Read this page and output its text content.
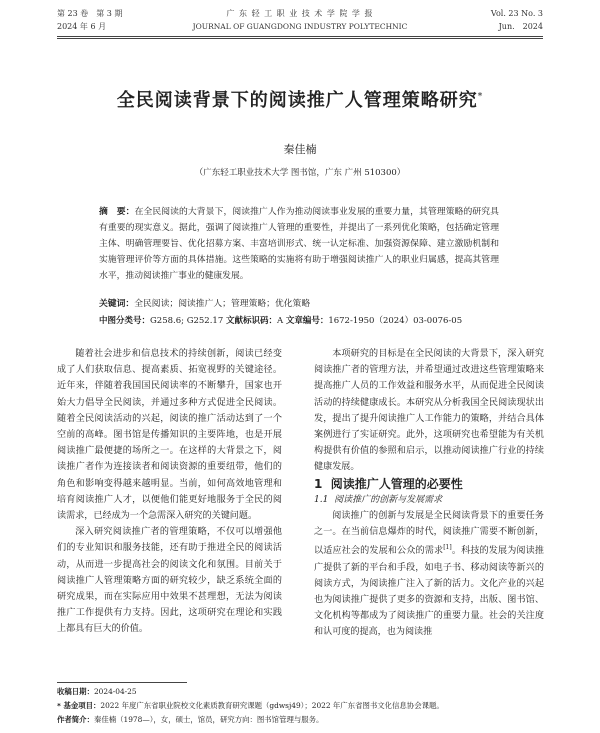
第 23 卷　第 3 期
2024 年 6 月
广 东 轻 工 职 业 技 术 学 院 学 报
JOURNAL OF GUANGDONG INDUSTRY POLYTECHNIC
Vol. 23 No. 3
Jun.　2024
全民阅读背景下的阅读推广人管理策略研究*
秦佳楠
（广东轻工职业技术大学 图书馆，广东 广州 510300）
摘　要：在全民阅读的大背景下，阅读推广人作为推动阅读事业发展的重要力量，其管理策略的研究具有重要的现实意义。据此，强调了阅读推广人管理的重要性，并提出了一系列优化策略，包括确定管理主体、明确管理要旨、优化招募方案、丰富培训形式、统一认定标准、加强资源保障、建立激励机制和实施管理评价等方面的具体措施。这些策略的实施将有助于增强阅读推广人的职业归属感，提高其管理水平，推动阅读推广事业的健康发展。
关键词：全民阅读；阅读推广人；管理策略；优化策略
中图分类号：G258.6; G252.17 文献标识码：A 文章编号：1672-1950（2024）03-0076-05

随着社会进步和信息技术的持续创新，阅读已经变成了人们获取信息、提高素质、拓宽视野的关键途径。近年来，伴随着我国国民阅读率的不断攀升，国家也开始大力倡导全民阅读，并通过多种方式促进全民阅读。随着全民阅读活动的兴起，阅读的推广活动达到了一个空前的高峰。图书馆是传播知识的主要阵地，也是开展阅读推广最便捷的场所之一。在这样的大背景之下，阅读推广者作为连接读者和阅读资源的重要纽带，他们的角色和影响变得越来越明显。当前，如何高效地管理和培育阅读推广人才，以便他们能更好地服务于全民的阅读需求，已经成为一个急需深入研究的关键问题。

深入研究阅读推广者的管理策略，不仅可以增强他们的专业知识和服务技能，还有助于推进全民的阅读活动，从而进一步提高社会的阅读文化和氛围。目前关于阅读推广人管理策略方面的研究较少，缺乏系统全面的研究成果，而在实际应用中效果不甚理想，无法为阅读推广工作提供有力支持。因此，这项研究在理论和实践上都具有巨大的价值。

本项研究的目标是在全民阅读的大背景下，深入研究阅读推广者的管理方法，并希望通过改进这些管理策略来提高推广人员的工作效益和服务水平，从而促进全民阅读活动的持续健康成长。本研究从分析我国全民阅读现状出发，提出了提升阅读推广人工作能力的策略，并结合具体案例进行了实证研究。此外，这项研究也希望能为有关机构提供有价值的参照和启示，以推动阅读推广行业的持续健康发展。

1 阅读推广人管理的必要性

1.1 阅读推广的创新与发展需求

阅读推广的创新与发展是全民阅读背景下的重要任务之一。在当前信息爆炸的时代，阅读推广需要不断创新，以适应社会的发展和公众的需求[1]。科技的发展为阅读推广提供了新的平台和手段，如电子书、移动阅读等新兴的阅读方式，为阅读推广注入了新的活力。文化产业的兴起也为阅读推广提供了更多的资源和支持，出版、图书馆、文化机构等都成为了阅读推广的重要力量。社会的关注度和认可度的提高，也为阅读推

收稿日期：2024-04-25
* 基金项目：2022 年度广东省职业院校文化素质教育研究课题（gdwsj49）；2022 年广东省图书文化信息协会课题。
作者简介：秦佳楠（1978—），女，硕士，馆员，研究方向：图书馆管理与服务。
